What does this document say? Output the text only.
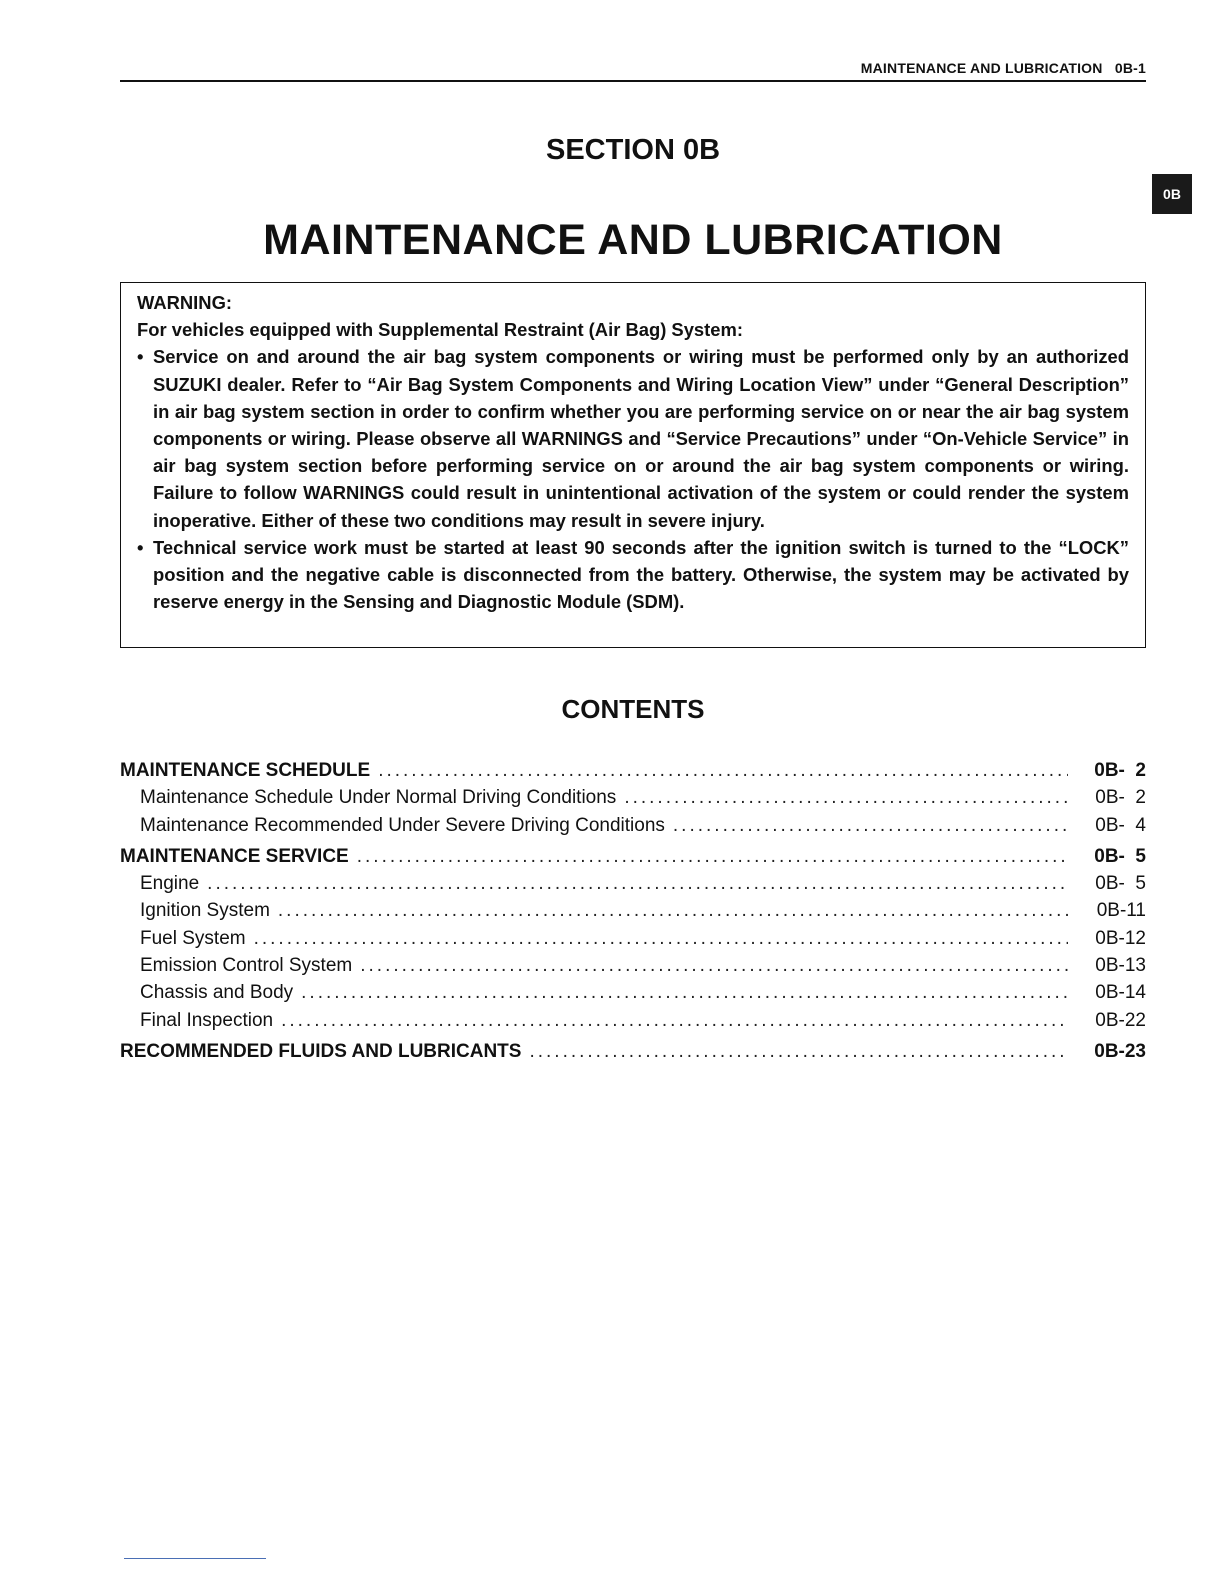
MAINTENANCE AND LUBRICATION   0B-1
0B
SECTION 0B
MAINTENANCE AND LUBRICATION

WARNING:

For vehicles equipped with Supplemental Restraint (Air Bag) System:

• Service on and around the air bag system components or wiring must be performed only by an authorized SUZUKI dealer. Refer to “Air Bag System Components and Wiring Location View” under “General Description” in air bag system section in order to confirm whether you are performing service on or near the air bag system components or wiring. Please observe all WARNINGS and “Service Precautions” under “On-Vehicle Service” in air bag system section before performing service on or around the air bag system components or wiring. Failure to follow WARNINGS could result in unintentional activation of the system or could render the system inoperative. Either of these two conditions may result in severe injury.
• Technical service work must be started at least 90 seconds after the ignition switch is turned to the “LOCK” position and the negative cable is disconnected from the battery. Otherwise, the system may be activated by reserve energy in the Sensing and Diagnostic Module (SDM).
CONTENTS
MAINTENANCE SCHEDULE .....	0B-  2
Maintenance Schedule Under Normal Driving Conditions .....	0B-  2
Maintenance Recommended Under Severe Driving Conditions .....	0B-  4
MAINTENANCE SERVICE .....	0B-  5
Engine .....	0B-  5
Ignition System .....	0B-11
Fuel System .....	0B-12
Emission Control System .....	0B-13
Chassis and Body .....	0B-14
Final Inspection .....	0B-22
RECOMMENDED FLUIDS AND LUBRICANTS .....	0B-23
